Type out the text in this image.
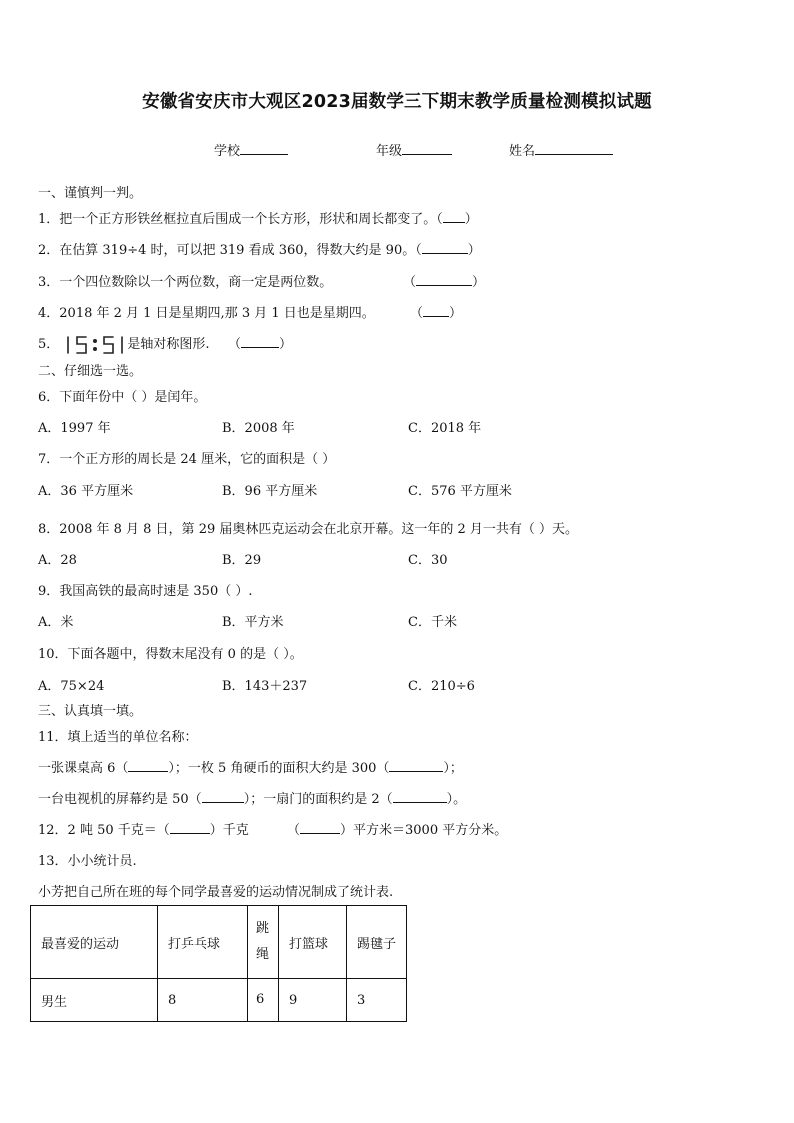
安徽省安庆市大观区2023届数学三下期末教学质量检测模拟试题
学校	年级	姓名
一、谨慎判一判。
1．把一个正方形铁丝框拉直后围成一个长方形，形状和周长都变了。（ ）
2．在估算 319÷4 时，可以把 319 看成 360，得数大约是 90。（	）
3．一个四位数除以一个两位数，商一定是两位数。	（	）
4．2018 年 2 月 1 日是星期四,那 3 月 1 日也是星期四。	（ ）
5．	是轴对称图形. （	）
二、仔细选一选。
6．下面年份中（ ）是闰年。
A．1997 年	B．2008 年	C．2018 年
7．一个正方形的周长是 24 厘米，它的面积是（ ）
A．36 平方厘米	B．96 平方厘米	C．576 平方厘米
8．2008 年 8 月 8 日，第 29 届奥林匹克运动会在北京开幕。这一年的 2 月一共有（ ）天。
A．28	B．29	C．30
9．我国高铁的最高时速是 350（ ）.
A．米	B．平方米	C．千米
10．下面各题中，得数末尾没有 0 的是（ ）。
A．75×24	B．143＋237	C．210÷6
三、认真填一填。
11．填上适当的单位名称：
一张课桌高 6（	）；一枚 5 角硬币的面积大约是 300（	）；
一台电视机的屏幕约是 50（	）；一扇门的面积约是 2（	）。
12．2 吨 50 千克＝（	）千克	（	）平方米＝3000 平方分米。
13．小小统计员.
小芳把自己所在班的每个同学最喜爱的运动情况制成了统计表.
最喜爱的运动	打乒乓球	跳绳	打篮球	踢毽子
男生	8	6	9	3
